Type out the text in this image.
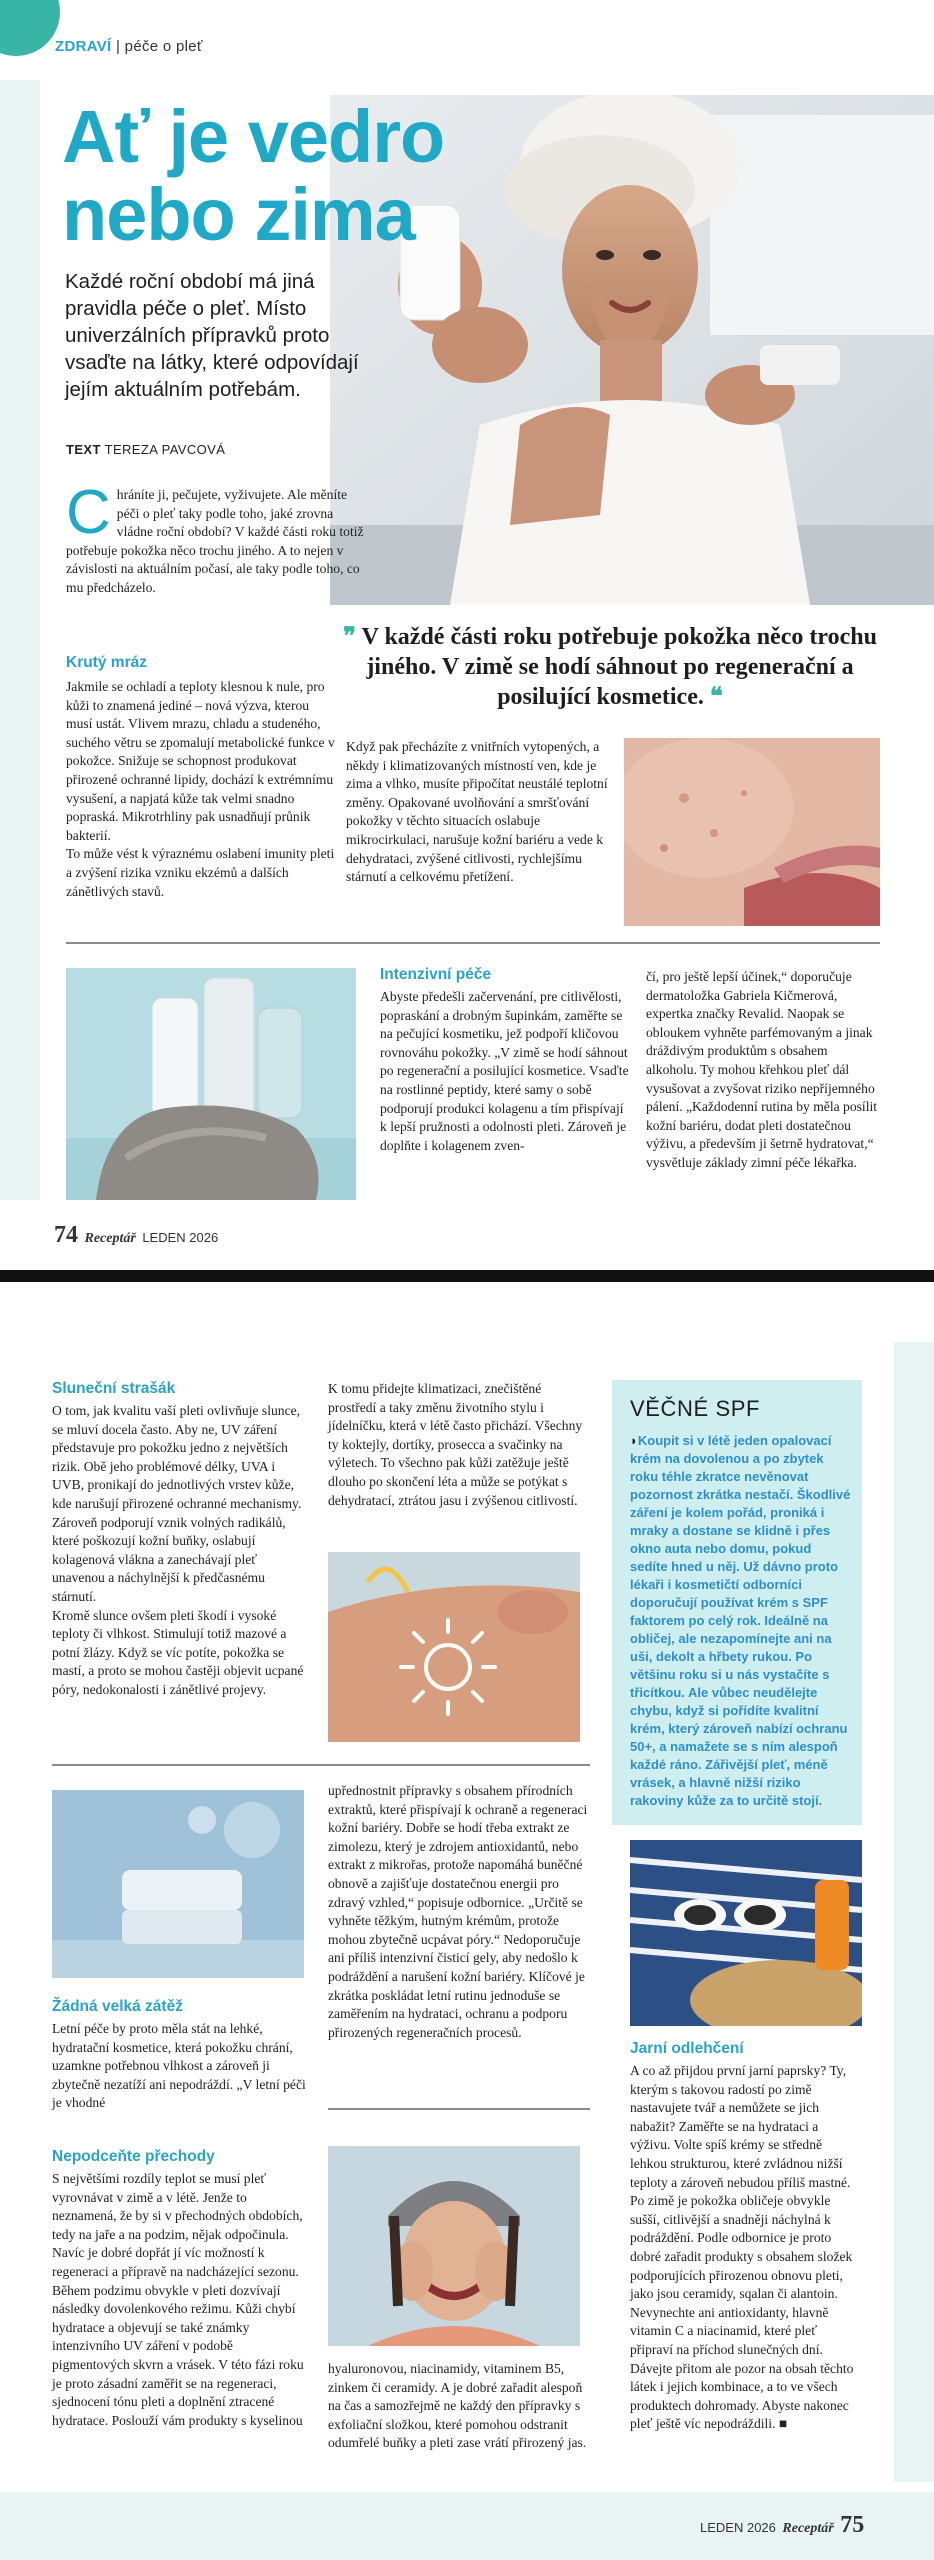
ZDRAVÍ | péče o pleť
Ať je vedro
nebo zima
Každé roční období má jiná pravidla péče o pleť. Místo univerzálních přípravků proto vsaďte na látky, které odpovídají jejím aktuálním potřebám.
TEXT TEREZA PAVCOVÁ
Chráníte ji, pečujete, vyživujete. Ale měníte péči o pleť taky podle toho, jaké zrovna vládne roční období? V každé části roku totiž potřebuje pokožka něco trochu jiného. A to nejen v závislosti na aktuálním počasí, ale taky podle toho, co mu předcházelo.
Krutý mráz

Jakmile se ochladí a teploty klesnou k nule, pro kůži to znamená jediné – nová výzva, kterou musí ustát. Vlivem mrazu, chladu a studeného, suchého větru se zpomalují metabolické funkce v pokožce. Snižuje se schopnost produkovat přirozené ochranné lipidy, dochází k extrémnímu vysušení, a napjatá kůže tak velmi snadno popraská. Mikrotrhliny pak usnadňují průnik bakterií.

To může vést k výraznému oslabení imunity pleti a zvýšení rizika vzniku ekzémů a dalších zánětlivých stavů.

❞ V každé části roku potřebuje pokožka něco trochu jiného. V zimě se hodí sáhnout po regenerační a posilující kosmetice. ❝
Když pak přecházíte z vnitřních vytopených, a někdy i klimatizovaných místností ven, kde je zima a vlhko, musíte připočítat neustálé teplotní změny. Opakované uvolňování a smršťování pokožky v těchto situacích oslabuje mikrocirkulaci, narušuje kožní bariéru a vede k dehydrataci, zvýšené citlivosti, rychlejšímu stárnutí a celkovému přetížení.
Intenzivní péče
Abyste předešli začervenání, pre citlivělosti, popraskání a drobným šupinkám, zaměřte se na pečující kosmetiku, jež podpoří kličovou rovnováhu pokožky. „V zimě se hodí sáhnout po regenerační a posilující kosmetice. Vsaďte na rostlinné peptidy, které samy o sobě podporují produkci kolagenu a tím přispívají k lepší pružnosti a odolnosti pleti. Zároveň je doplňte i kolagenem zven-
čí, pro ještě lepší účinek,“ doporučuje dermatoložka Gabriela Kičmerová, expertka značky Revalid. Naopak se obloukem vyhněte parfémovaným a jinak dráždivým produktům s obsahem alkoholu. Ty mohou křehkou pleť dál vysušovat a zvyšovat riziko nepříjemného pálení. „Každodenní rutina by měla posílit kožní bariéru, dodat pleti dostatečnou výživu, a především ji šetrně hydratovat,“ vysvětluje základy zimní péče lékařka.
74 Receptář LEDEN 2026
Sluneční strašák

O tom, jak kvalitu vaší pleti ovlivňuje slunce, se mluví docela často. Aby ne, UV záření představuje pro pokožku jedno z největších rizik. Obě jeho problémové délky, UVA i UVB, pronikají do jednotlivých vrstev kůže, kde narušují přirozené ochranné mechanismy. Zároveň podporují vznik volných radikálů, které poškozují kožní buňky, oslabují kolagenová vlákna a zanechávají pleť unavenou a náchylnější k předčasnému stárnutí.

Kromě slunce ovšem pleti škodí i vysoké teploty či vlhkost. Stimulují totiž mazové a potní žlázy. Když se víc potíte, pokožka se mastí, a proto se mohou častěji objevit ucpané póry, nedokonalosti i zánětlivé projevy.

K tomu přidejte klimatizaci, znečištěné prostředí a taky změnu životního stylu i jídelníčku, která v létě často přichází. Všechny ty koktejly, dortíky, prosecca a svačinky na výletech. To všechno pak kůži zatěžuje ještě dlouho po skončení léta a může se potýkat s dehydratací, ztrátou jasu i zvýšenou citlivostí.
VĚČNÉ SPF
◗Koupit si v létě jeden opalovací krém na dovolenou a po zbytek roku téhle zkratce nevěnovat pozornost zkrátka nestačí. Škodlivé záření je kolem pořád, proniká i mraky a dostane se klidně i přes okno auta nebo domu, pokud sedíte hned u něj. Už dávno proto lékaři i kosmetičtí odborníci doporučují používat krém s SPF faktorem po celý rok. Ideálně na obličej, ale nezapomínejte ani na uši, dekolt a hřbety rukou. Po většinu roku si u nás vystačíte s třicítkou. Ale vůbec neudělejte chybu, když si pořídíte kvalitní krém, který zároveň nabízí ochranu 50+, a namažete se s ním alespoň každé ráno. Zářivější pleť, méně vrásek, a hlavně nižší riziko rakoviny kůže za to určitě stojí.
Žádná velká zátěž
Letní péče by proto měla stát na lehké, hydratační kosmetice, která pokožku chrání, uzamkne potřebnou vlhkost a zároveň ji zbytečně nezatíží ani nepodráždí. „V letní péči je vhodné
upřednostnit přípravky s obsahem přírodních extraktů, které přispívají k ochraně a regeneraci kožní bariéry. Dobře se hodí třeba extrakt ze zimolezu, který je zdrojem antioxidantů, nebo extrakt z mikrořas, protože napomáhá buněčné obnově a zajišťuje dostatečnou energii pro zdravý vzhled,“ popisuje odbornice. „Určitě se vyhněte těžkým, hutným krémům, protože mohou zbytečně ucpávat póry.“ Nedoporučuje ani příliš intenzivní čisticí gely, aby nedošlo k podráždění a narušení kožní bariéry. Klíčové je zkrátka poskládat letní rutinu jednoduše se zaměřením na hydrataci, ochranu a podporu přirozených regeneračních procesů.
Nepodceňte přechody
S největšími rozdíly teplot se musí pleť vyrovnávat v zimě a v létě. Jenže to neznamená, že by si v přechodných obdobích, tedy na jaře a na podzim, nějak odpočinula. Navíc je dobré dopřát jí víc možností k regeneraci a přípravě na nadcházející sezonu. Během podzimu obvykle v pleti dozvívají následky dovolenkového režimu. Kůži chybí hydratace a objevují se také známky intenzivního UV záření v podobě pigmentových skvrn a vrásek. V této fázi roku je proto zásadní zaměřit se na regeneraci, sjednocení tónu pleti a doplnění ztracené hydratace. Poslouží vám produkty s kyselinou
hyaluronovou, niacinamidy, vitaminem B5, zinkem či ceramidy. A je dobré zařadit alespoň na čas a samozřejmě ne každý den přípravky s exfoliační složkou, které pomohou odstranit odumřelé buňky a pleti zase vrátí přirozený jas.
Jarní odlehčení
A co až přijdou první jarní paprsky? Ty, kterým s takovou radostí po zimě nastavujete tvář a nemůžete se jich nabažit? Zaměřte se na hydrataci a výživu. Volte spíš krémy se středně lehkou strukturou, které zvládnou nižší teploty a zároveň nebudou příliš mastné. Po zimě je pokožka obličeje obvykle sušší, citlivější a snadněji náchylná k podráždění. Podle odbornice je proto dobré zařadit produkty s obsahem složek podporujících přirozenou obnovu pleti, jako jsou ceramidy, sqalan či alantoin. Nevynechte ani antioxidanty, hlavně vitamin C a niacinamid, které pleť připraví na příchod slunečných dní. Dávejte přitom ale pozor na obsah těchto látek i jejich kombinace, a to ve všech produktech dohromady. Abyste nakonec pleť ještě víc nepodráždili. ■
LEDEN 2026 Receptář 75
